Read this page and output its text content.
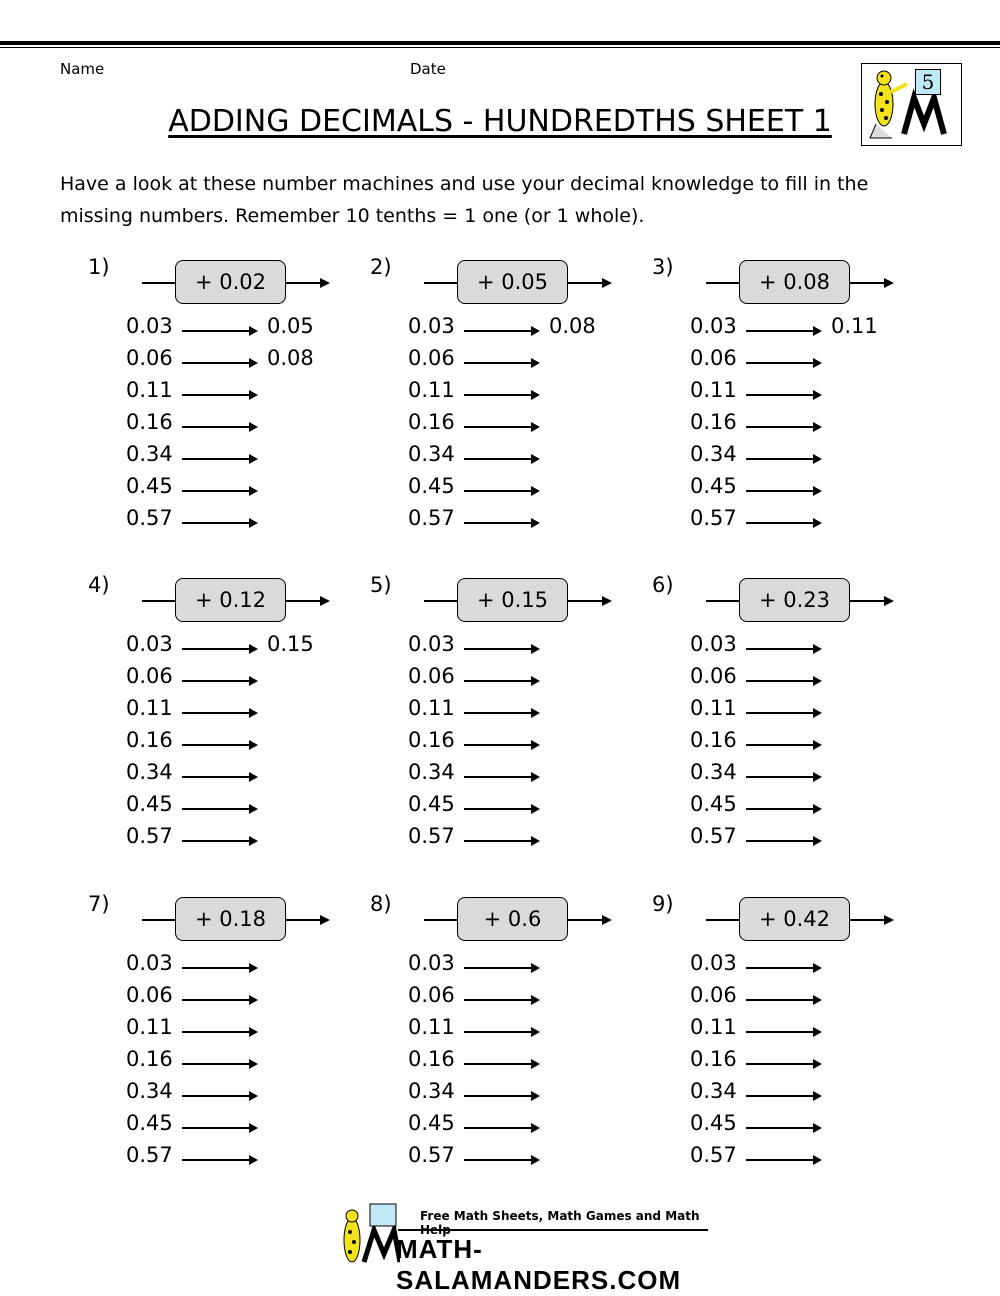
Name	Date
ADDING DECIMALS - HUNDREDTHS SHEET 1
5
Have a look at these number machines and use your decimal knowledge to fill in the missing numbers. Remember 10 tenths = 1 one (or 1 whole).
1)
+ 0.02
0.03	0.05
0.06	0.08
0.11
0.16
0.34
0.45
0.57
2)
+ 0.05
0.03	0.08
0.06
0.11
0.16
0.34
0.45
0.57
3)
+ 0.08
0.03	0.11
0.06
0.11
0.16
0.34
0.45
0.57
4)
+ 0.12
0.03	0.15
0.06
0.11
0.16
0.34
0.45
0.57
5)
+ 0.15
0.03
0.06
0.11
0.16
0.34
0.45
0.57
6)
+ 0.23
0.03
0.06
0.11
0.16
0.34
0.45
0.57
7)
+ 0.18
0.03
0.06
0.11
0.16
0.34
0.45
0.57
8)
+ 0.6
0.03
0.06
0.11
0.16
0.34
0.45
0.57
9)
+ 0.42
0.03
0.06
0.11
0.16
0.34
0.45
0.57
Free Math Sheets, Math Games and Math
MATH-SALAMANDERS.COM
